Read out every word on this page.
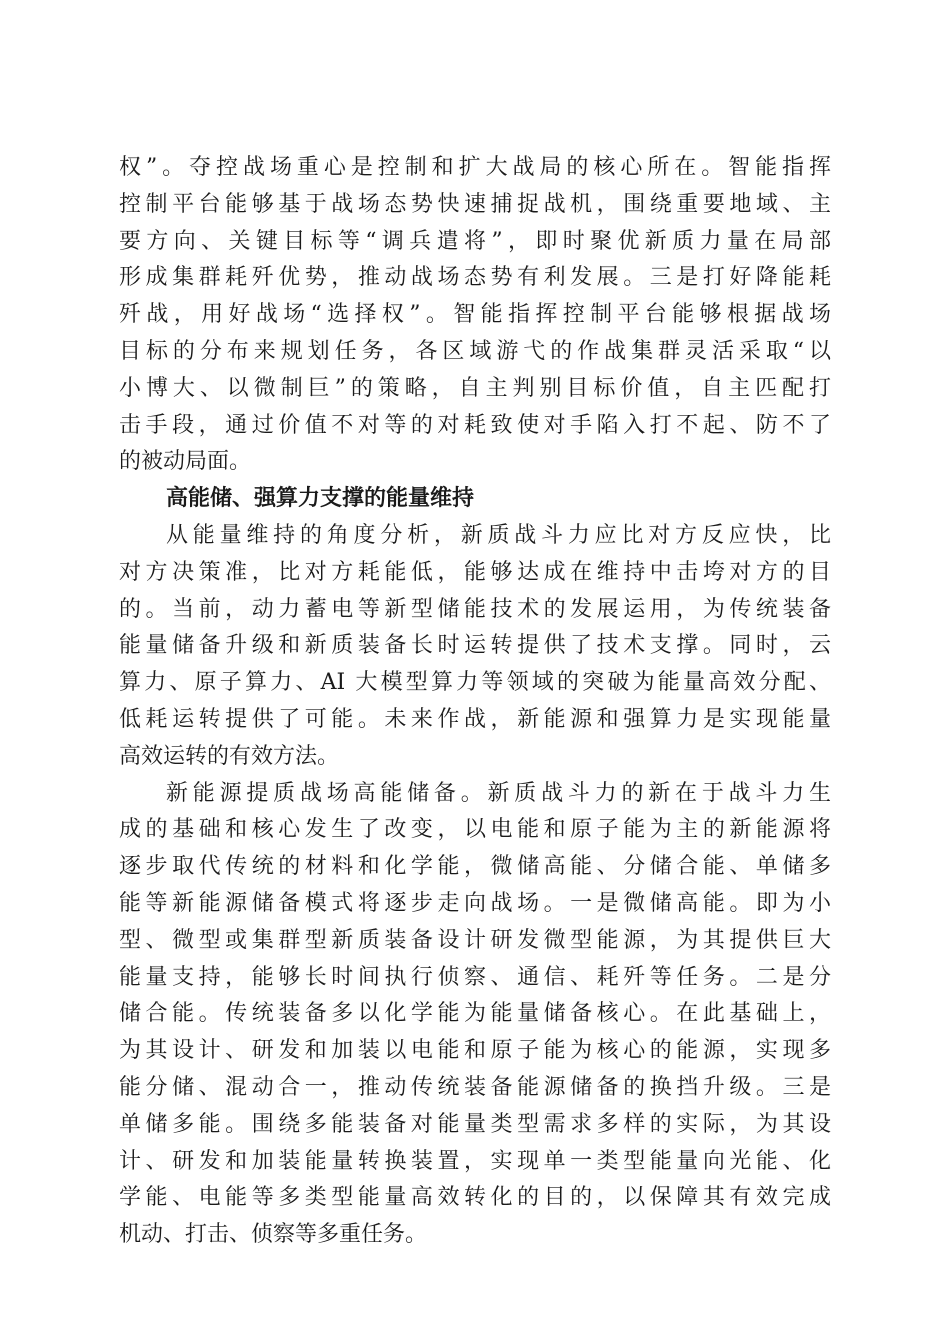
权”。夺控战场重心是控制和扩大战局的核心所在。智能指挥
控制平台能够基于战场态势快速捕捉战机，围绕重要地域、主
要方向、关键目标等“调兵遣将”，即时聚优新质力量在局部
形成集群耗歼优势，推动战场态势有利发展。三是打好降能耗
歼战，用好战场“选择权”。智能指挥控制平台能够根据战场
目标的分布来规划任务，各区域游弋的作战集群灵活采取“以
小博大、以微制巨”的策略，自主判别目标价值，自主匹配打
击手段，通过价值不对等的对耗致使对手陷入打不起、防不了
的被动局面。
高能储、强算力支撑的能量维持
从能量维持的角度分析，新质战斗力应比对方反应快，比
对方决策准，比对方耗能低，能够达成在维持中击垮对方的目
的。当前，动力蓄电等新型储能技术的发展运用，为传统装备
能量储备升级和新质装备长时运转提供了技术支撑。同时，云
算力、原子算力、AI 大模型算力等领域的突破为能量高效分配、
低耗运转提供了可能。未来作战，新能源和强算力是实现能量
高效运转的有效方法。
新能源提质战场高能储备。新质战斗力的新在于战斗力生
成的基础和核心发生了改变，以电能和原子能为主的新能源将
逐步取代传统的材料和化学能，微储高能、分储合能、单储多
能等新能源储备模式将逐步走向战场。一是微储高能。即为小
型、微型或集群型新质装备设计研发微型能源，为其提供巨大
能量支持，能够长时间执行侦察、通信、耗歼等任务。二是分
储合能。传统装备多以化学能为能量储备核心。在此基础上，
为其设计、研发和加装以电能和原子能为核心的能源，实现多
能分储、混动合一，推动传统装备能源储备的换挡升级。三是
单储多能。围绕多能装备对能量类型需求多样的实际，为其设
计、研发和加装能量转换装置，实现单一类型能量向光能、化
学能、电能等多类型能量高效转化的目的，以保障其有效完成
机动、打击、侦察等多重任务。
